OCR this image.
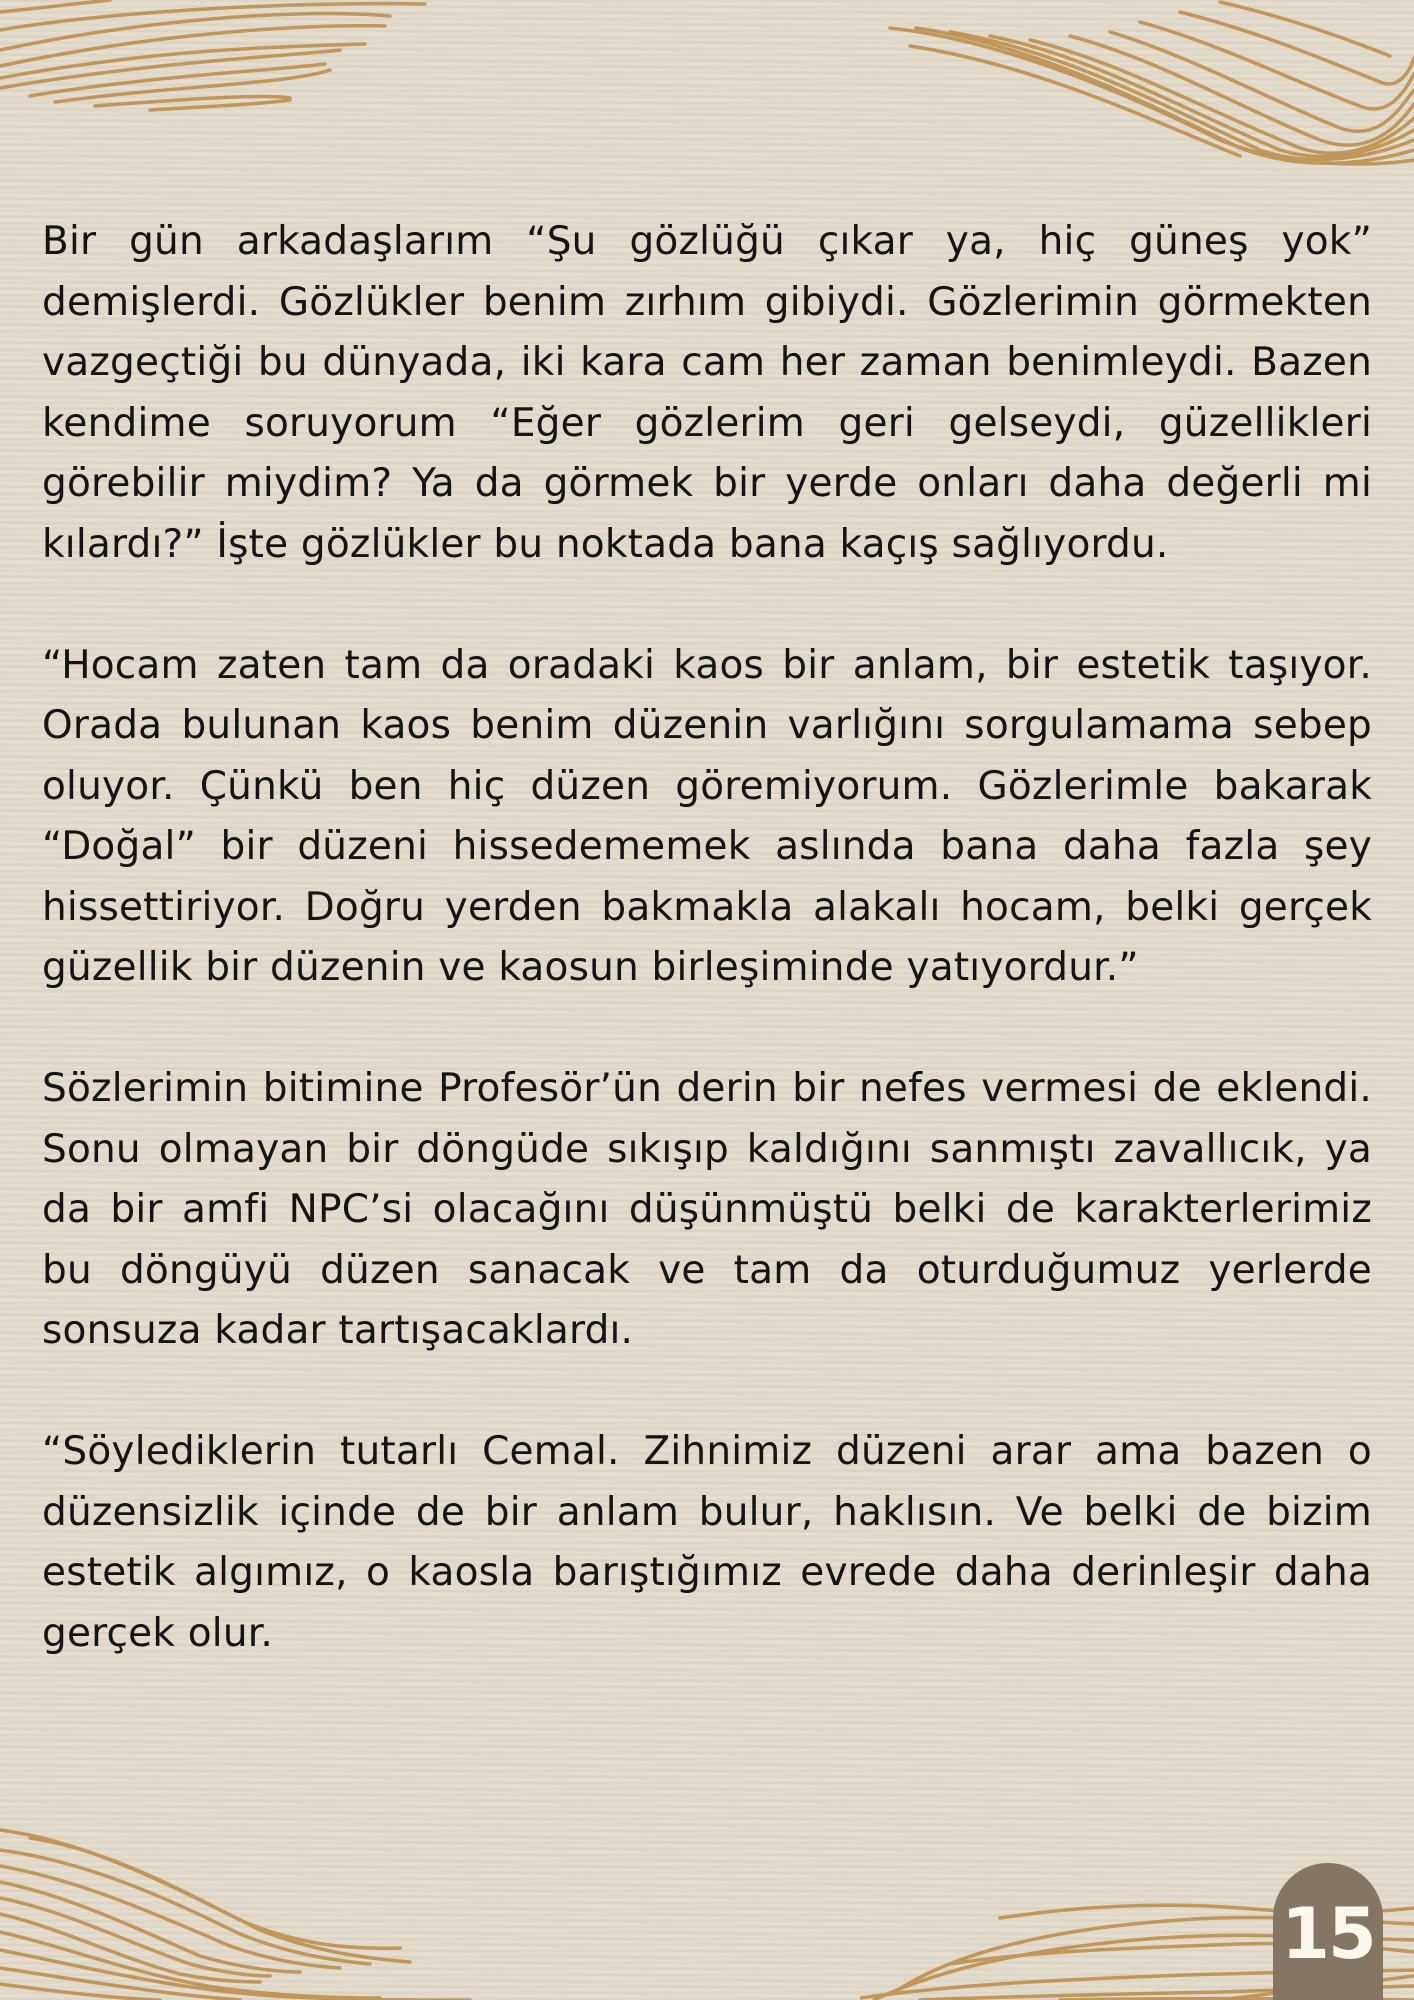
Bir gün arkadaşlarım “Şu gözlüğü çıkar ya, hiç güneş yok” demişlerdi. Gözlükler benim zırhım gibiydi. Gözlerimin görmekten vazgeçtiği bu dünyada, iki kara cam her zaman benimleydi. Bazen kendime soruyorum “Eğer gözlerim geri gelseydi, güzellikleri görebilir miydim? Ya da görmek bir yerde onları daha değerli mi kılardı?” İşte gözlükler bu noktada bana kaçış sağlıyordu.

“Hocam zaten tam da oradaki kaos bir anlam, bir estetik taşıyor. Orada bulunan kaos benim düzenin varlığını sorgulamama sebep oluyor. Çünkü ben hiç düzen göremiyorum. Gözlerimle bakarak “Doğal” bir düzeni hissedememek aslında bana daha fazla şey hissettiriyor. Doğru yerden bakmakla alakalı hocam, belki gerçek güzellik bir düzenin ve kaosun birleşiminde yatıyordur.”

Sözlerimin bitimine Profesör’ün derin bir nefes vermesi de eklendi. Sonu olmayan bir döngüde sıkışıp kaldığını sanmıştı zavallıcık, ya da bir amfi NPC’si olacağını düşünmüştü belki de karakterlerimiz bu döngüyü düzen sanacak ve tam da oturduğumuz yerlerde sonsuza kadar tartışacaklardı.

“Söylediklerin tutarlı Cemal. Zihnimiz düzeni arar ama bazen o düzensizlik içinde de bir anlam bulur, haklısın. Ve belki de bizim estetik algımız, o kaosla barıştığımız evrede daha derinleşir daha gerçek olur.

15
